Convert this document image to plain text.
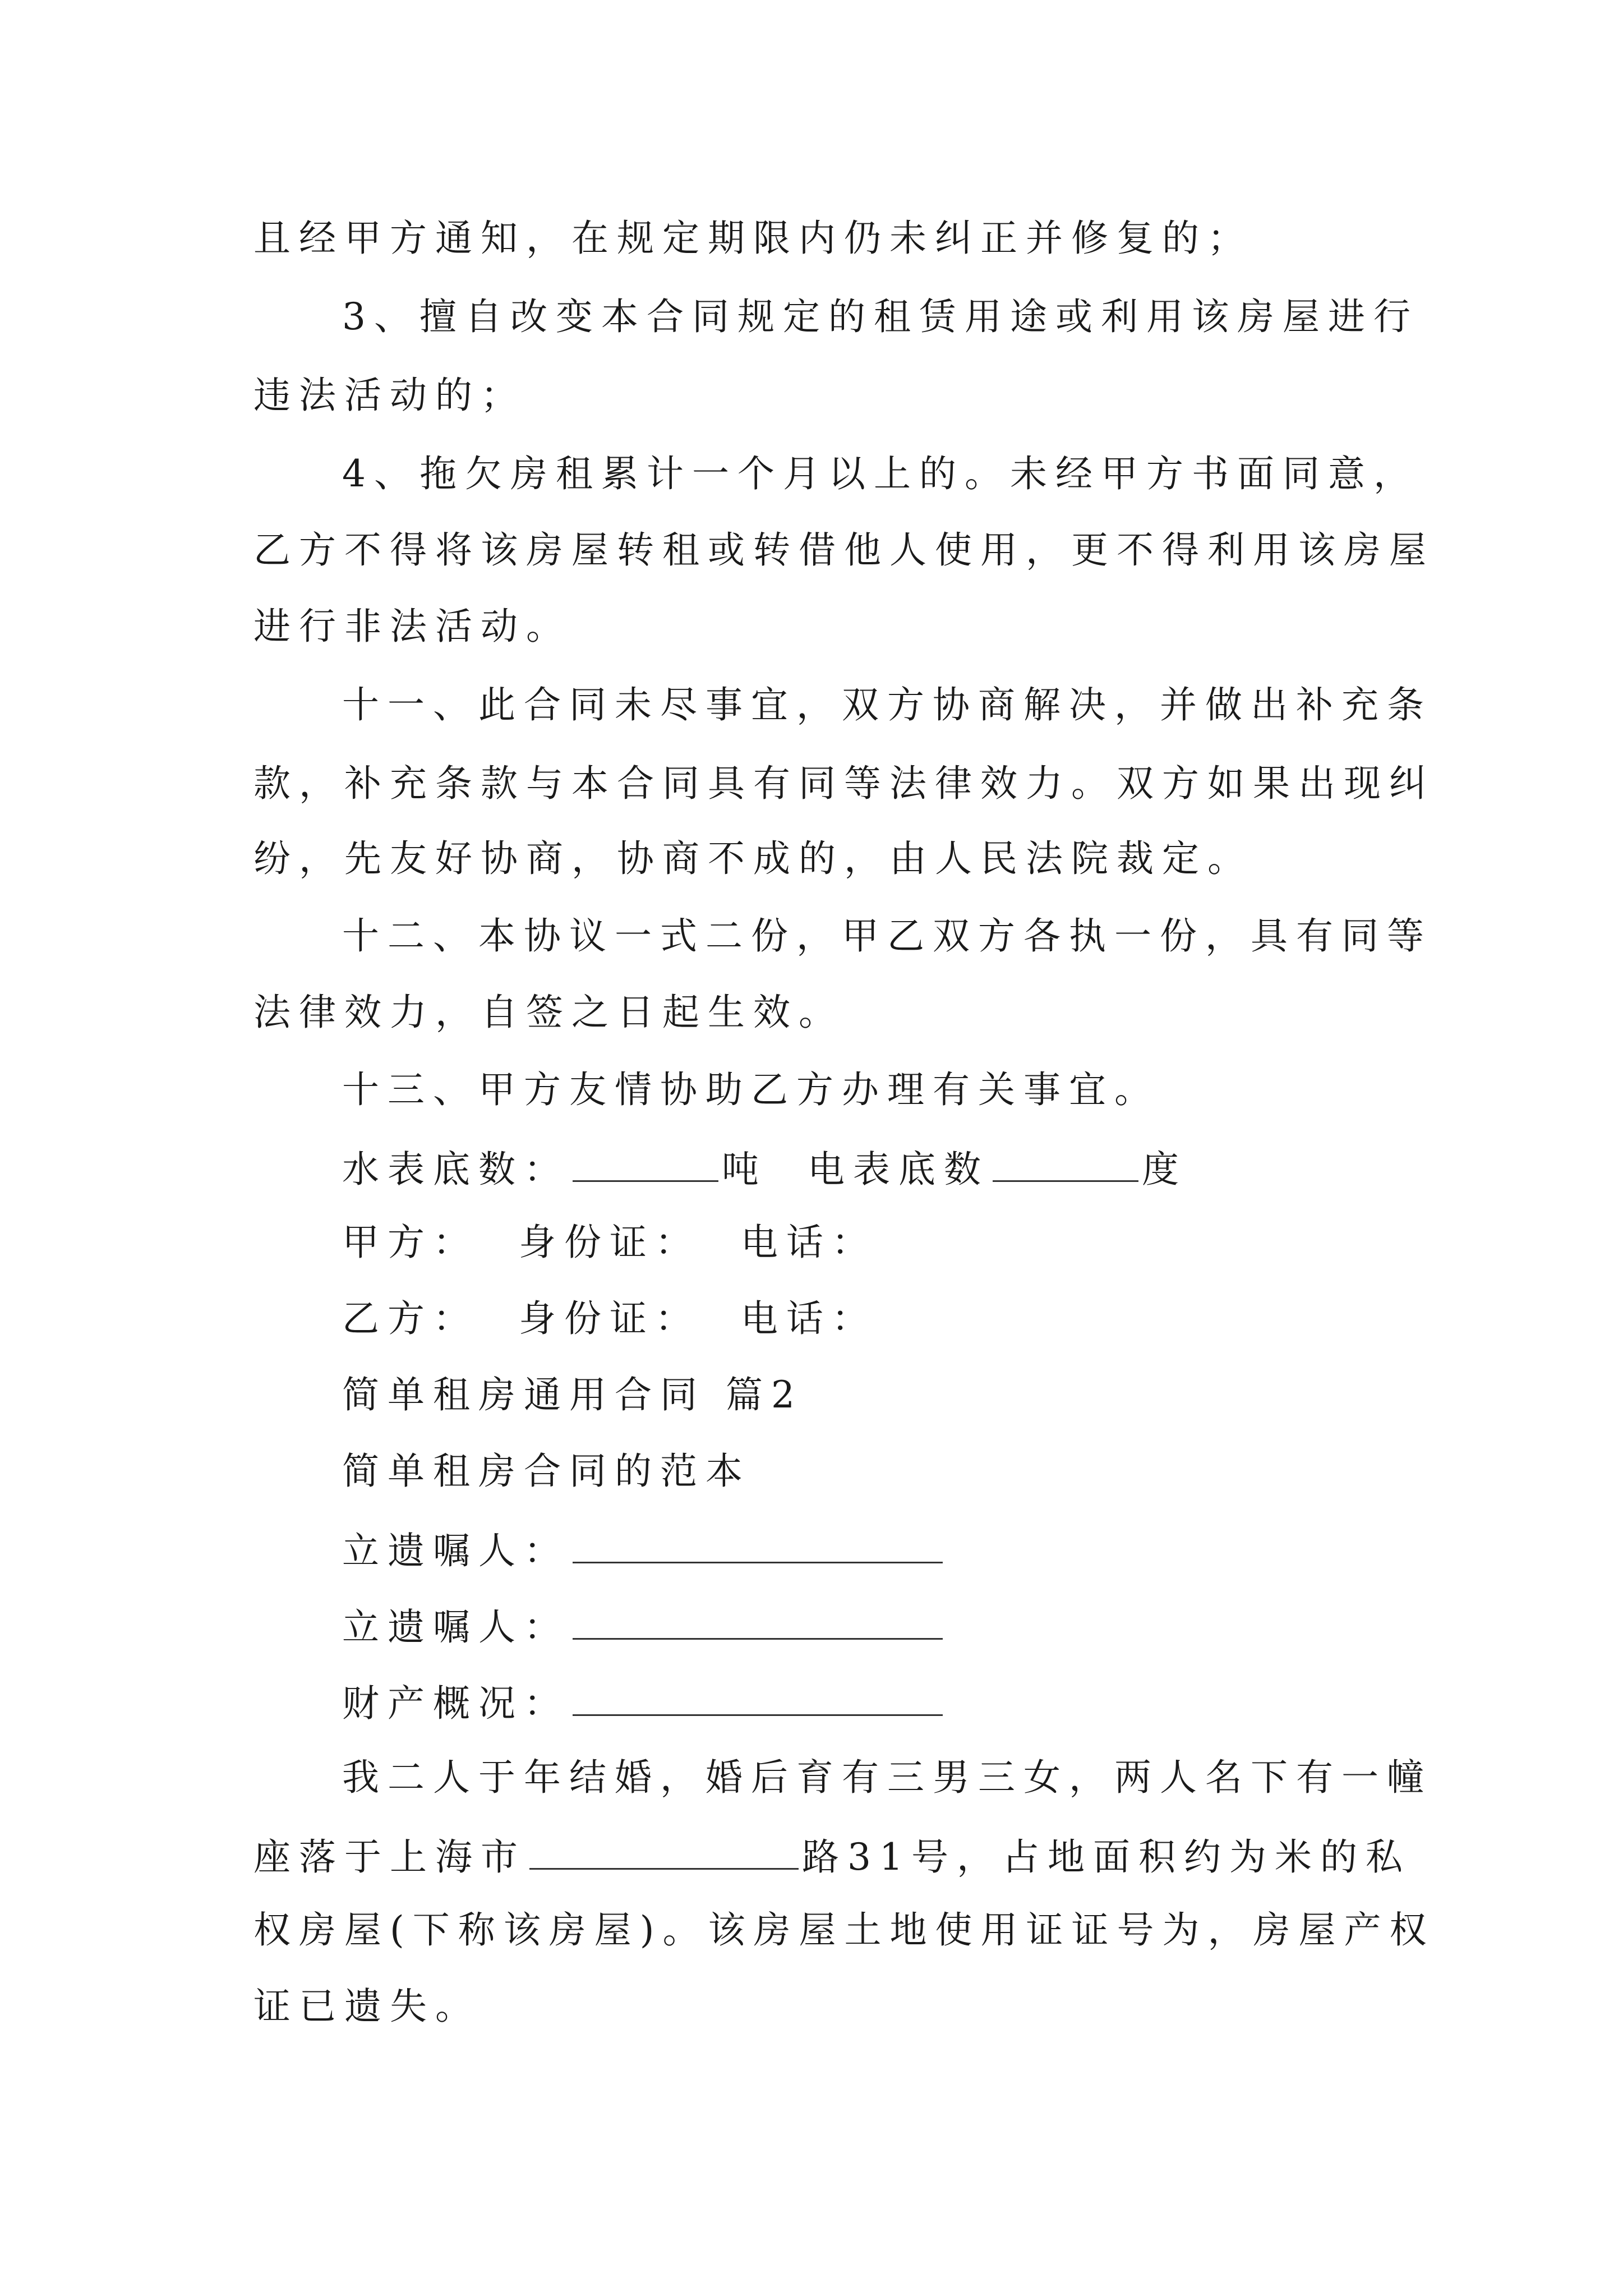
且经甲方通知，在规定期限内仍未纠正并修复的；
3、擅自改变本合同规定的租赁用途或利用该房屋进行
违法活动的；
4、拖欠房租累计一个月以上的。未经甲方书面同意，
乙方不得将该房屋转租或转借他人使用，更不得利用该房屋
进行非法活动。
十一、此合同未尽事宜，双方协商解决，并做出补充条
款，补充条款与本合同具有同等法律效力。双方如果出现纠
纷，先友好协商，协商不成的，由人民法院裁定。
十二、本协议一式二份，甲乙双方各执一份，具有同等
法律效力，自签之日起生效。
十三、甲方友情协助乙方办理有关事宜。
水表底数：	吨 电表底数	度
甲方：  身份证：  电话：
乙方：  身份证：  电话：
简单租房通用合同 篇2
简单租房合同的范本
立遗嘱人：
立遗嘱人：
财产概况：
我二人于年结婚，婚后育有三男三女，两人名下有一幢
座落于上海市	路31号，占地面积约为米的私
权房屋(下称该房屋)。该房屋土地使用证证号为，房屋产权
证已遗失。
